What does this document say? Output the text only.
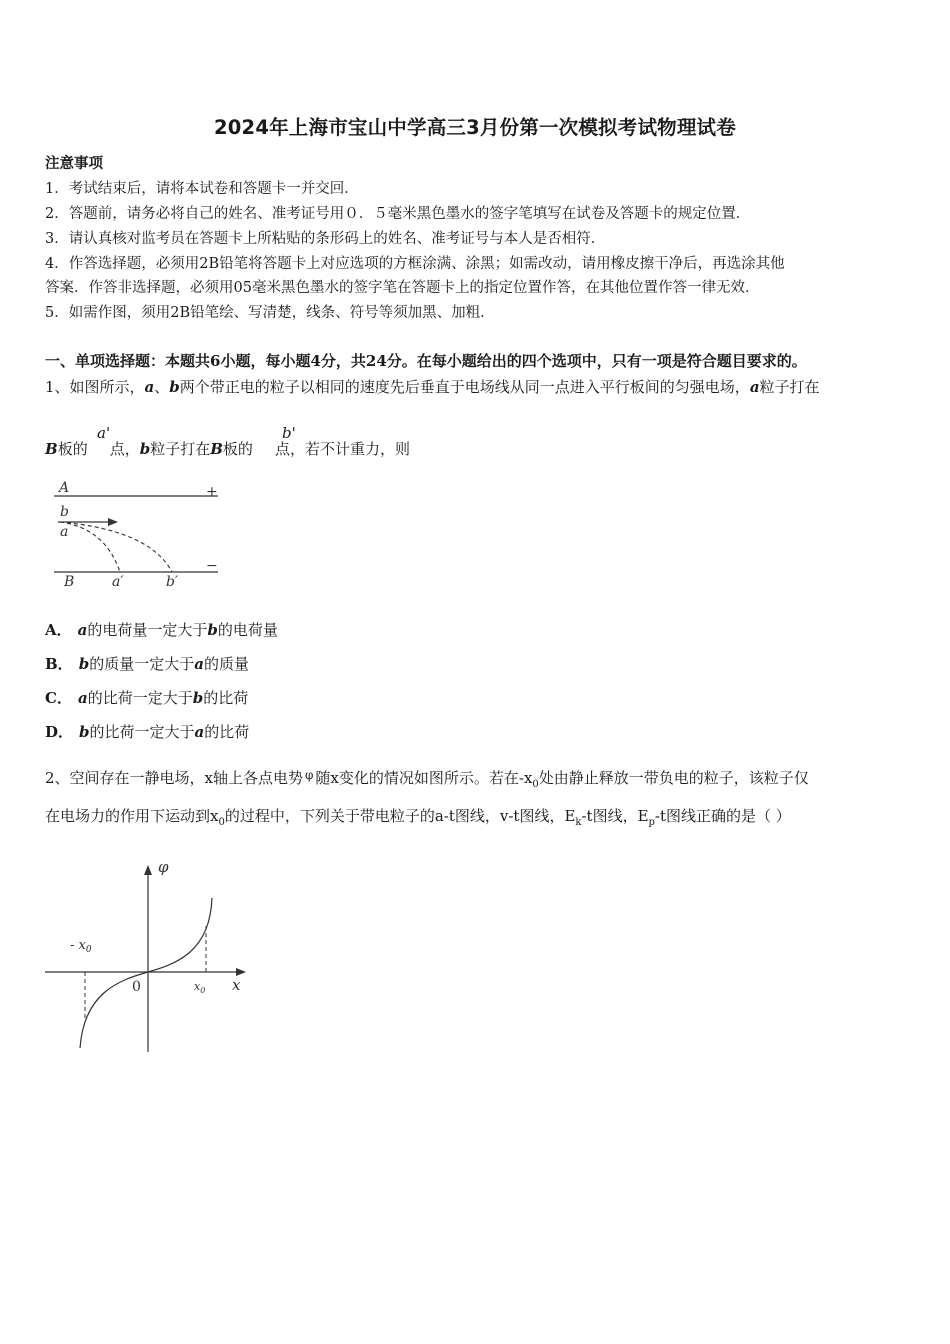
2024年上海市宝山中学高三3月份第一次模拟考试物理试卷
注意事项
1．考试结束后，请将本试卷和答题卡一并交回．
2．答题前，请务必将自己的姓名、准考证号用０．５毫米黑色墨水的签字笔填写在试卷及答题卡的规定位置．
3．请认真核对监考员在答题卡上所粘贴的条形码上的姓名、准考证号与本人是否相符．
4．作答选择题，必须用2B铅笔将答题卡上对应选项的方框涂满、涂黑；如需改动，请用橡皮擦干净后，再选涂其他
答案．作答非选择题，必须用05毫米黑色墨水的签字笔在答题卡上的指定位置作答，在其他位置作答一律无效．
5．如需作图，须用2B铅笔绘、写清楚，线条、符号等须加黑、加粗．
一、单项选择题：本题共6小题，每小题4分，共24分。在每小题给出的四个选项中，只有一项是符合题目要求的。
1、如图所示，a、b两个带正电的粒子以相同的速度先后垂直于电场线从同一点进入平行板间的匀强电场，a粒子打在
B板的 点，b粒子打在B板的 点，若不计重力，则
a'	b'
A	+
B
−
b
a
a′	b′
A． a的电荷量一定大于b的电荷量
B． b的质量一定大于a的质量
C． a的比荷一定大于b的比荷
D． b的比荷一定大于a的比荷
2、空间存在一静电场，x轴上各点电势 $^\varphi$ 随x变化的情况如图所示。若在$-x_0$处由静止释放一带负电的粒子，该粒子仅
在电场力的作用下运动到$x_0$的过程中，下列关于带电粒子的a-t图线，v-t图线，$E_k-t$图线，$E_p-t$图线正确的是（ ）
φ
x
0
- $x_0$
$x_0$
